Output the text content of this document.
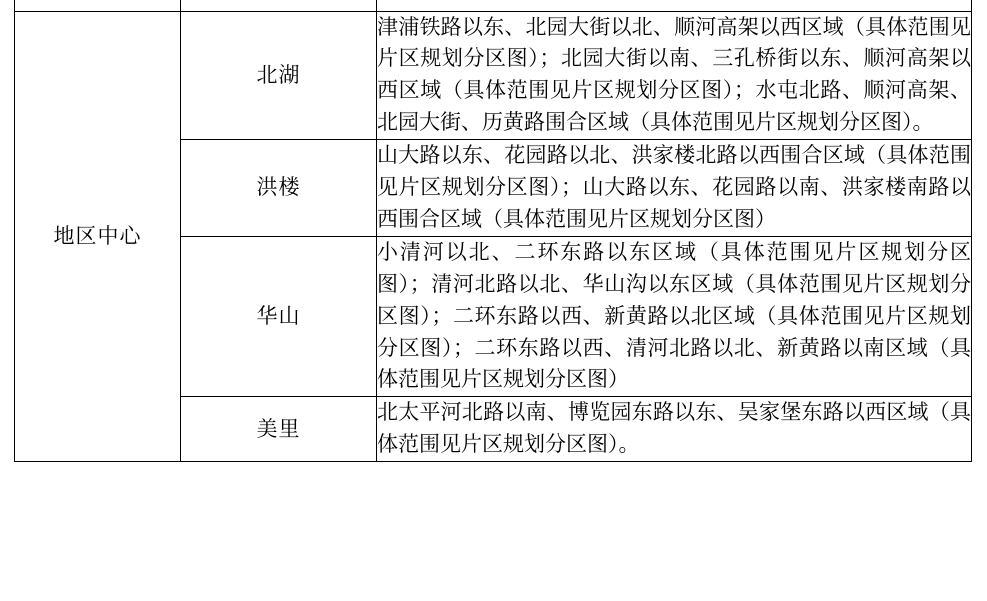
地区中心	北湖	津浦铁路以东、北园大街以北、顺河高架以西区域（具体范围见片区规划分区图）；北园大街以南、三孔桥街以东、顺河高架以西区域（具体范围见片区规划分区图）；水屯北路、顺河高架、北园大街、历黄路围合区域（具体范围见片区规划分区图）。
	洪楼	山大路以东、花园路以北、洪家楼北路以西围合区域（具体范围见片区规划分区图）；山大路以东、花园路以南、洪家楼南路以西围合区域（具体范围见片区规划分区图）
	华山	小清河以北、二环东路以东区域（具体范围见片区规划分区图）；清河北路以北、华山沟以东区域（具体范围见片区规划分区图）；二环东路以西、新黄路以北区域（具体范围见片区规划分区图）；二环东路以西、清河北路以北、新黄路以南区域（具体范围见片区规划分区图）
	美里	北太平河北路以南、博览园东路以东、吴家堡东路以西区域（具体范围见片区规划分区图）。
